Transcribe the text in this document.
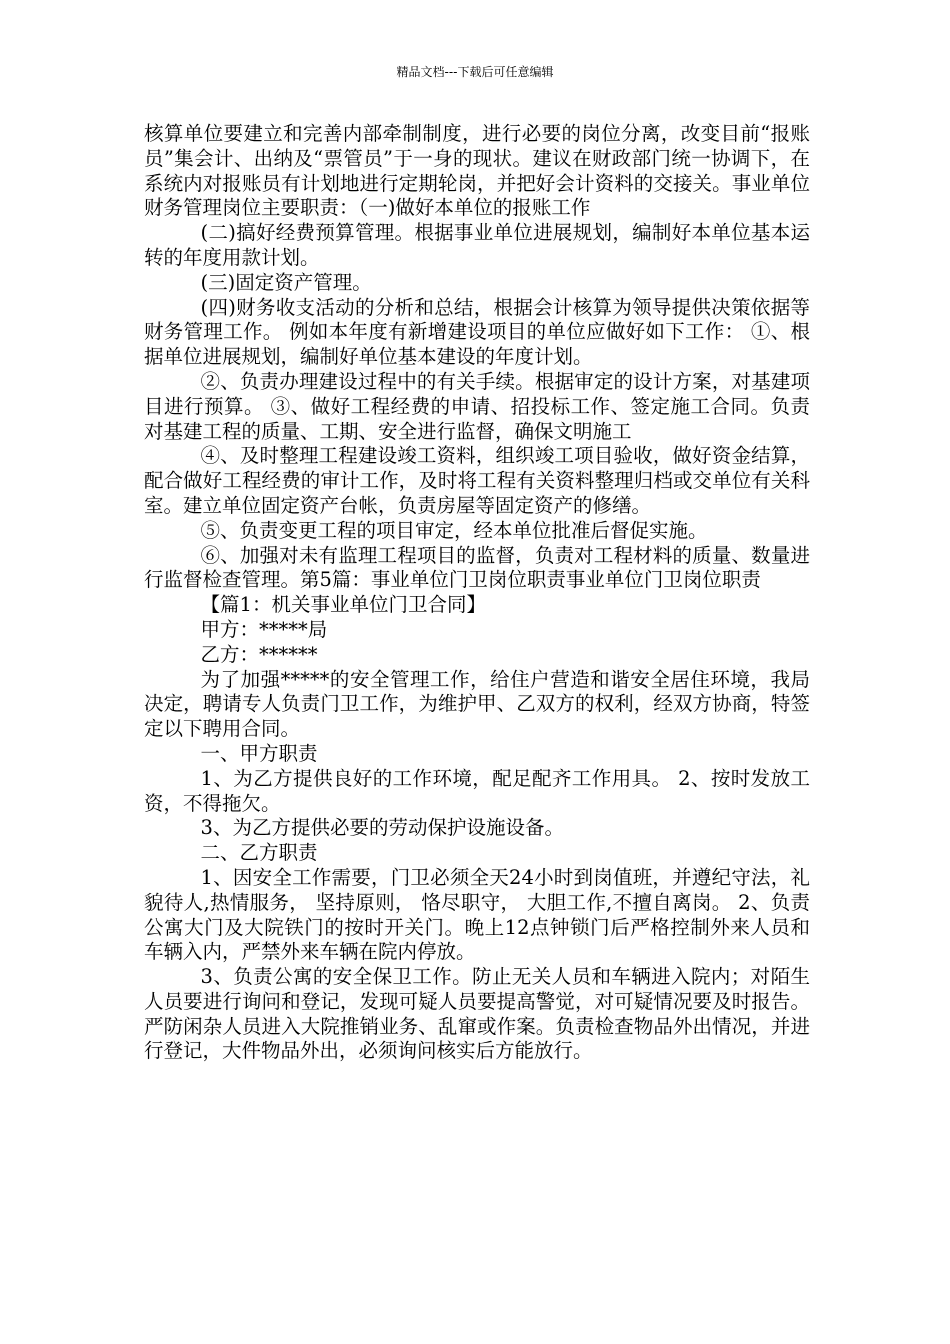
精品文档---下载后可任意编辑

核算单位要建立和完善内部牵制制度，进行必要的岗位分离，改变目前“报账员”集会计、出纳及“票管员”于一身的现状。建议在财政部门统一协调下，在系统内对报账员有计划地进行定期轮岗，并把好会计资料的交接关。事业单位财务管理岗位主要职责：（一)做好本单位的报账工作

(二)搞好经费预算管理。根据事业单位进展规划，编制好本单位基本运转的年度用款计划。

(三)固定资产管理。

(四)财务收支活动的分析和总结，根据会计核算为领导提供决策依据等财务管理工作。 例如本年度有新增建设项目的单位应做好如下工作： ①、根据单位进展规划，编制好单位基本建设的年度计划。

②、负责办理建设过程中的有关手续。根据审定的设计方案，对基建项目进行预算。 ③、做好工程经费的申请、招投标工作、签定施工合同。负责对基建工程的质量、工期、安全进行监督，确保文明施工

④、及时整理工程建设竣工资料，组织竣工项目验收，做好资金结算，配合做好工程经费的审计工作，及时将工程有关资料整理归档或交单位有关科室。建立单位固定资产台帐，负责房屋等固定资产的修缮。

⑤、负责变更工程的项目审定，经本单位批准后督促实施。

⑥、加强对未有监理工程项目的监督，负责对工程材料的质量、数量进行监督检查管理。第5篇：事业单位门卫岗位职责事业单位门卫岗位职责

【篇1：机关事业单位门卫合同】

甲方：*****局

乙方：******

为了加强*****的安全管理工作，给住户营造和谐安全居住环境，我局决定，聘请专人负责门卫工作，为维护甲、乙双方的权利，经双方协商，特签定以下聘用合同。

一、甲方职责

1、为乙方提供良好的工作环境，配足配齐工作用具。 2、按时发放工资，不得拖欠。

3、为乙方提供必要的劳动保护设施设备。

二、乙方职责

1、因安全工作需要，门卫必须全天24小时到岗值班，并遵纪守法，礼貌待人,热情服务， 坚持原则， 恪尽职守， 大胆工作,不擅自离岗。 2、负责公寓大门及大院铁门的按时开关门。晚上12点钟锁门后严格控制外来人员和车辆入内，严禁外来车辆在院内停放。

3、负责公寓的安全保卫工作。防止无关人员和车辆进入院内；对陌生人员要进行询问和登记，发现可疑人员要提高警觉，对可疑情况要及时报告。严防闲杂人员进入大院推销业务、乱窜或作案。负责检查物品外出情况，并进行登记，大件物品外出，必须询问核实后方能放行。
